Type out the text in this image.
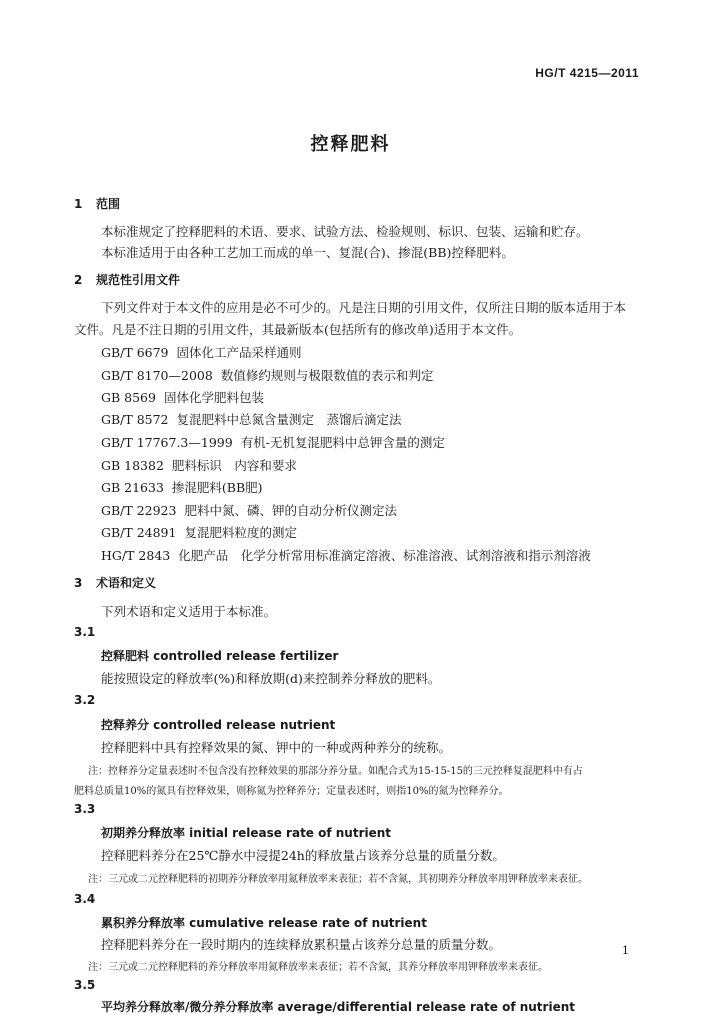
HG/T 4215—2011
控释肥料
1 范围
本标准规定了控释肥料的术语、要求、试验方法、检验规则、标识、包装、运输和贮存。
本标准适用于由各种工艺加工而成的单一、复混(合)、掺混(BB)控释肥料。
2 规范性引用文件
下列文件对于本文件的应用是必不可少的。凡是注日期的引用文件，仅所注日期的版本适用于本
文件。凡是不注日期的引用文件，其最新版本(包括所有的修改单)适用于本文件。
GB/T 6679 固体化工产品采样通则
GB/T 8170—2008 数值修约规则与极限数值的表示和判定
GB 8569 固体化学肥料包装
GB/T 8572 复混肥料中总氮含量测定　蒸馏后滴定法
GB/T 17767.3—1999 有机-无机复混肥料中总钾含量的测定
GB 18382 肥料标识　内容和要求
GB 21633 掺混肥料(BB肥)
GB/T 22923 肥料中氮、磷、钾的自动分析仪测定法
GB/T 24891 复混肥料粒度的测定
HG/T 2843 化肥产品　化学分析常用标准滴定溶液、标准溶液、试剂溶液和指示剂溶液
3 术语和定义
下列术语和定义适用于本标准。
3.1
控释肥料 controlled release fertilizer
能按照设定的释放率(%)和释放期(d)来控制养分释放的肥料。
3.2
控释养分 controlled release nutrient
控释肥料中具有控释效果的氮、钾中的一种或两种养分的统称。
注：控释养分定量表述时不包含没有控释效果的那部分养分量。如配合式为15-15-15的三元控释复混肥料中有占
肥料总质量10%的氮具有控释效果，则称氮为控释养分；定量表述时，则指10%的氮为控释养分。
3.3
初期养分释放率 initial release rate of nutrient
控释肥料养分在25℃静水中浸提24h的释放量占该养分总量的质量分数。
注：三元或二元控释肥料的初期养分释放率用氮释放率来表征；若不含氮，其初期养分释放率用钾释放率来表征。
3.4
累积养分释放率 cumulative release rate of nutrient
控释肥料养分在一段时期内的连续释放累积量占该养分总量的质量分数。
注：三元或二元控释肥料的养分释放率用氮释放率来表征；若不含氮，其养分释放率用钾释放率来表征。
3.5
平均养分释放率/微分养分释放率 average/differential release rate of nutrient
1
